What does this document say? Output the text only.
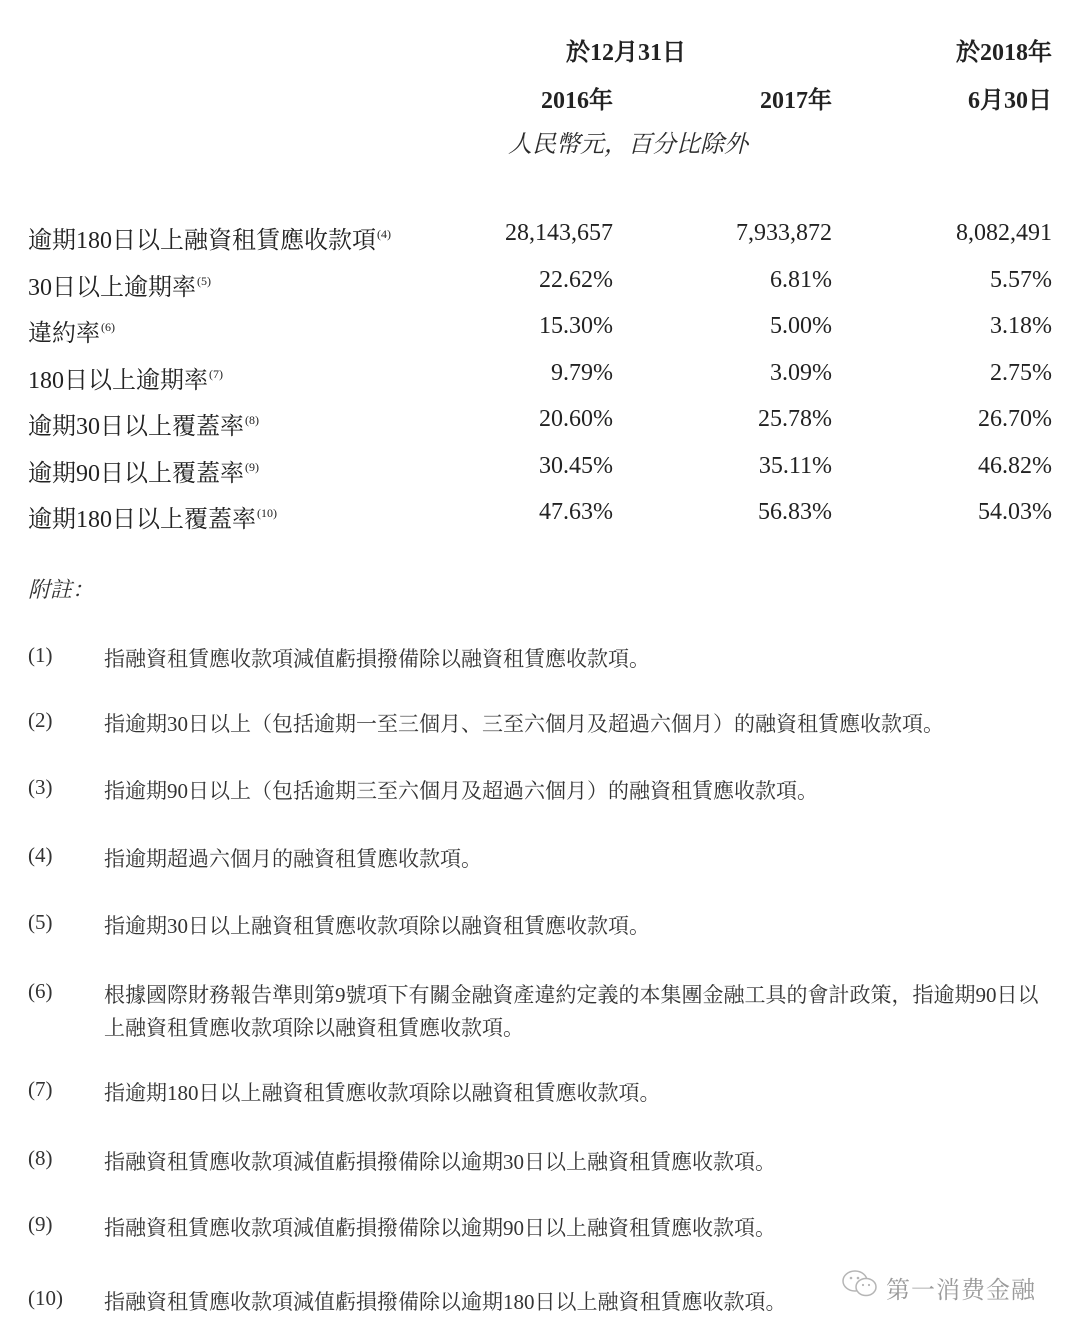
於12月31日	於2018年
2016年	2017年	6月30日
人民幣元，百分比除外
逾期180日以上融資租賃應收款項$^{(4)}$	28,143,657	7,933,872	8,082,491
30日以上逾期率$^{(5)}$	22.62%	6.81%	5.57%
違約率$^{(6)}$	15.30%	5.00%	3.18%
180日以上逾期率$^{(7)}$	9.79%	3.09%	2.75%
逾期30日以上覆蓋率$^{(8)}$	20.60%	25.78%	26.70%
逾期90日以上覆蓋率$^{(9)}$	30.45%	35.11%	46.82%
逾期180日以上覆蓋率$^{(10)}$	47.63%	56.83%	54.03%
附註：
(1) 指融資租賃應收款項減值虧損撥備除以融資租賃應收款項。
(2) 指逾期30日以上（包括逾期一至三個月、三至六個月及超過六個月）的融資租賃應收款項。
(3) 指逾期90日以上（包括逾期三至六個月及超過六個月）的融資租賃應收款項。
(4) 指逾期超過六個月的融資租賃應收款項。
(5) 指逾期30日以上融資租賃應收款項除以融資租賃應收款項。
(6) 根據國際財務報告準則第9號項下有關金融資產違約定義的本集團金融工具的會計政策，指逾期90日以上融資租賃應收款項除以融資租賃應收款項。
(7) 指逾期180日以上融資租賃應收款項除以融資租賃應收款項。
(8) 指融資租賃應收款項減值虧損撥備除以逾期30日以上融資租賃應收款項。
(9) 指融資租賃應收款項減值虧損撥備除以逾期90日以上融資租賃應收款項。
(10) 指融資租賃應收款項減值虧損撥備除以逾期180日以上融資租賃應收款項。	第一消费金融
